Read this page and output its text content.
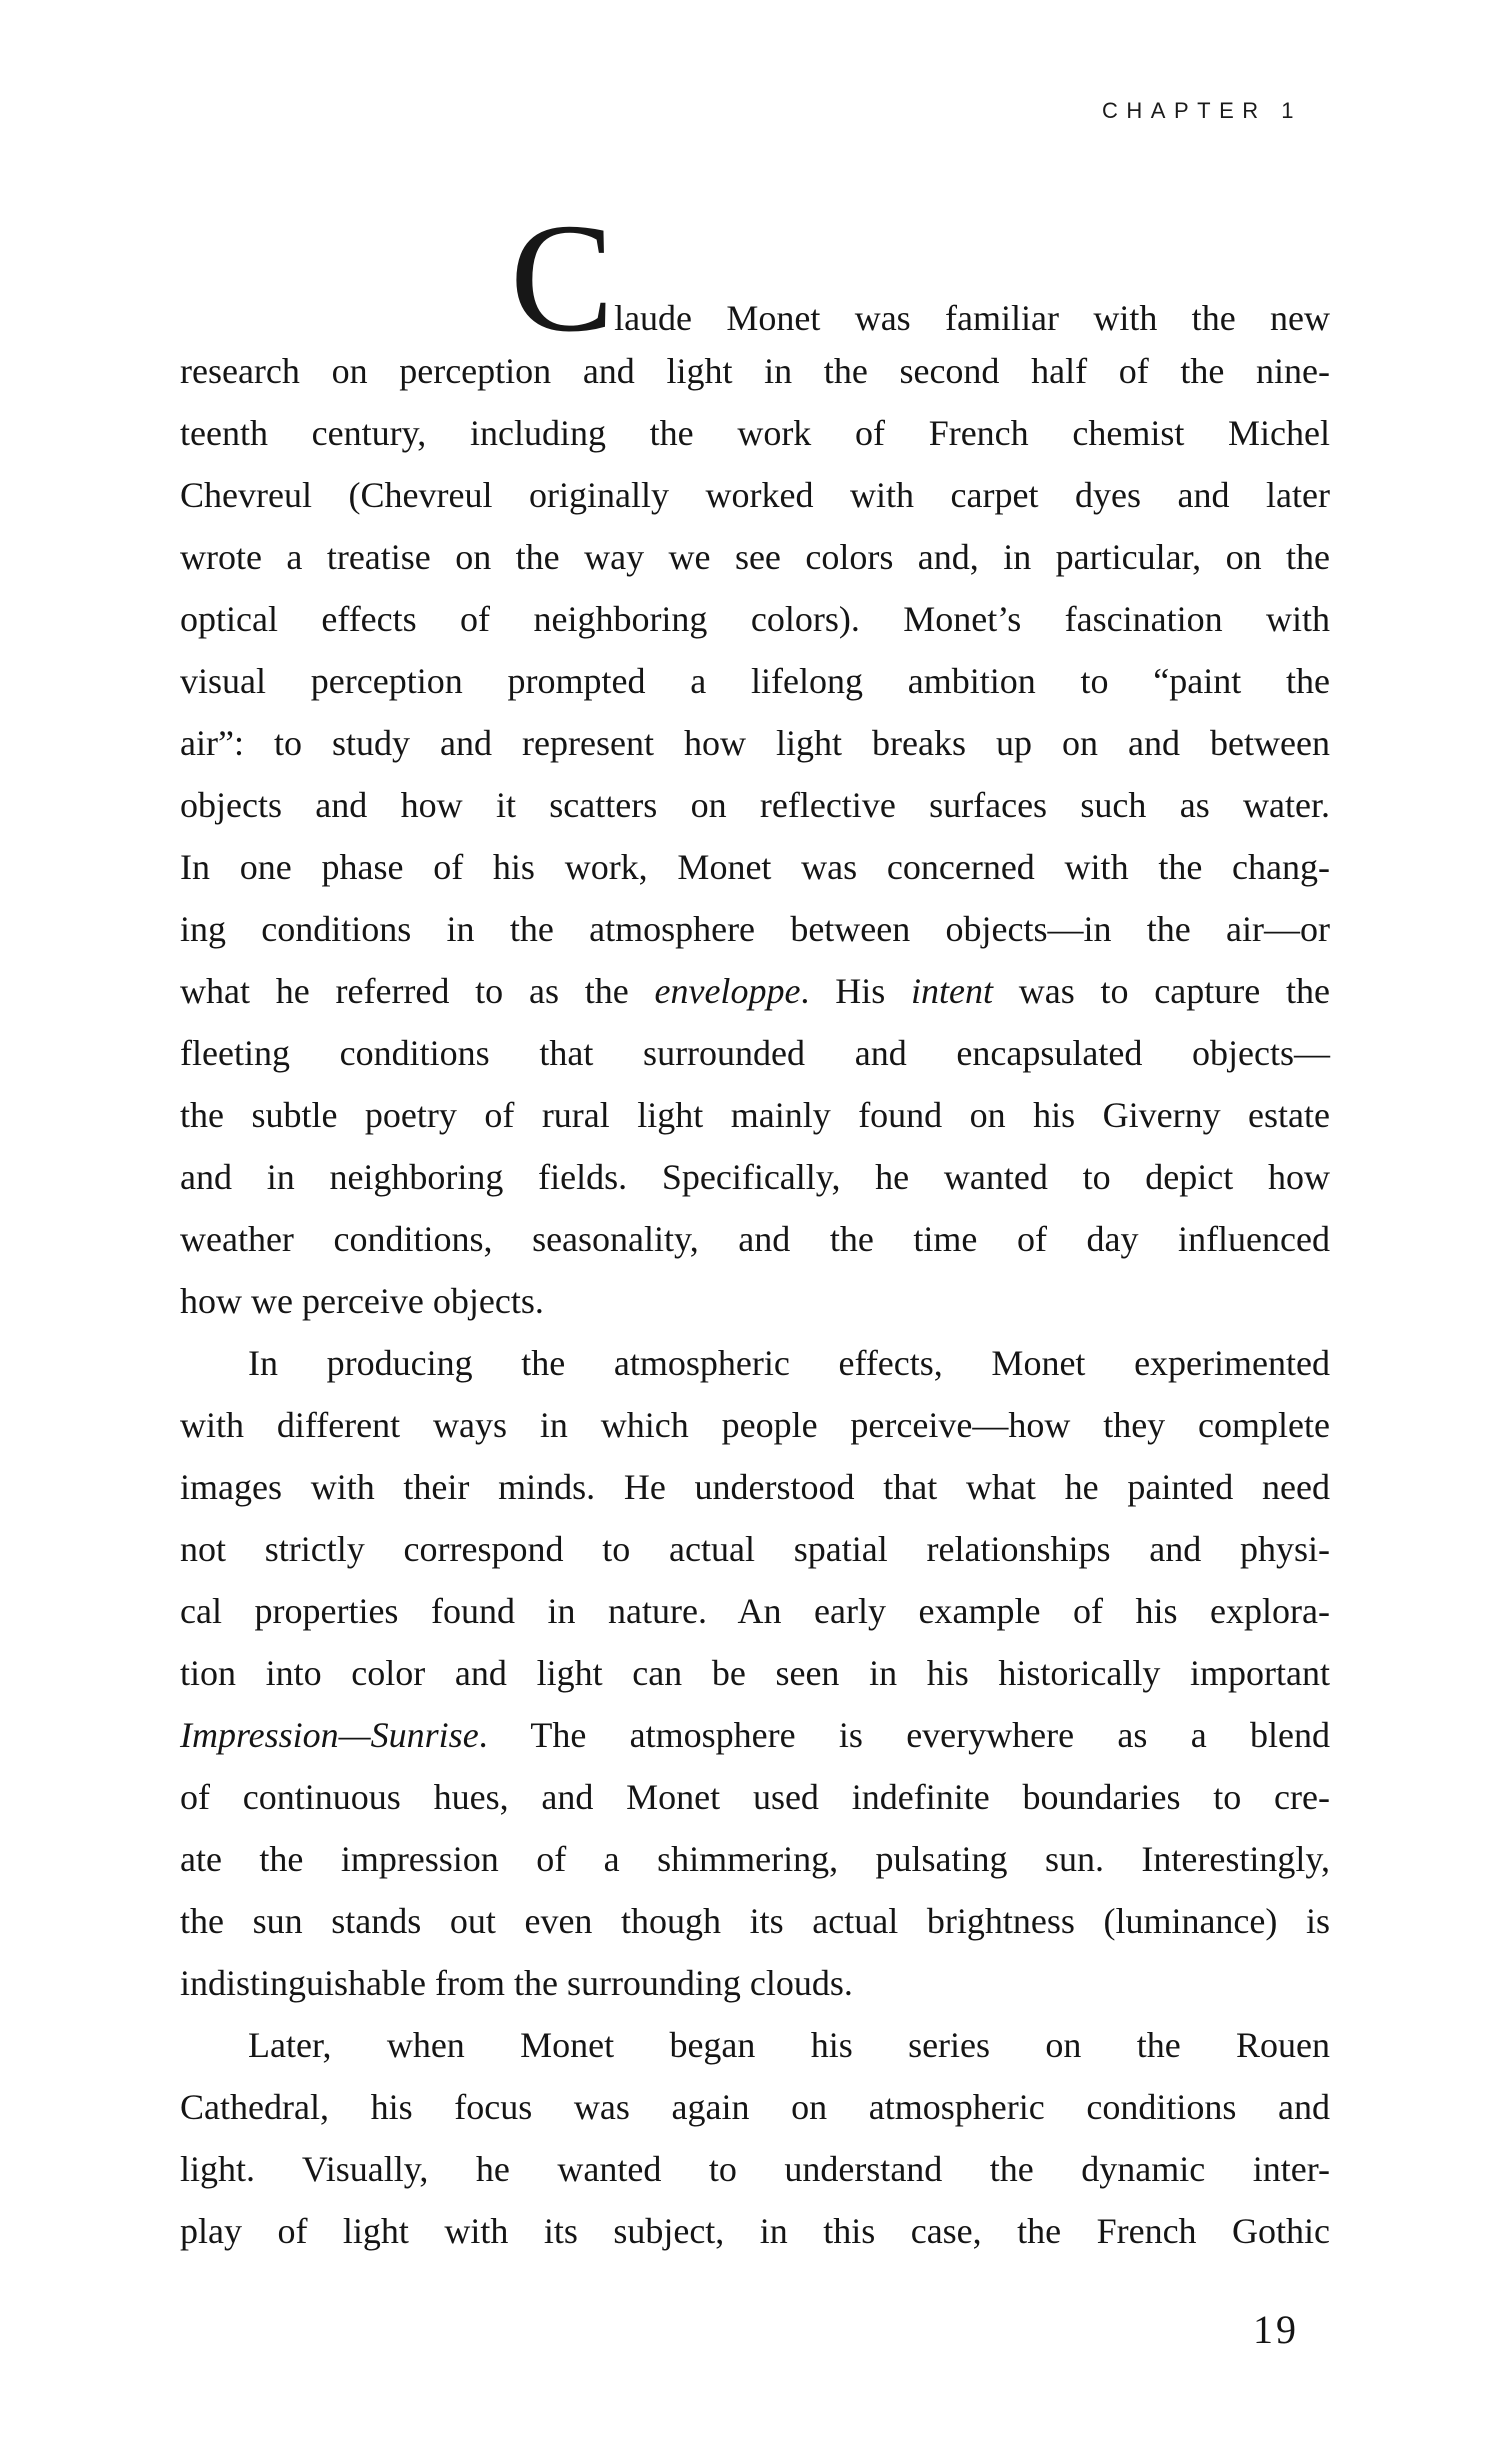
CHAPTER 1
Claude Monet was familiar with the new
research on perception and light in the second half of the nine-
teenth century, including the work of French chemist Michel
Chevreul (Chevreul originally worked with carpet dyes and later
wrote a treatise on the way we see colors and, in particular, on the
optical effects of neighboring colors). Monet’s fascination with
visual perception prompted a lifelong ambition to “paint the
air”: to study and represent how light breaks up on and between
objects and how it scatters on reflective surfaces such as water.
In one phase of his work, Monet was concerned with the chang-
ing conditions in the atmosphere between objects—in the air—or
what he referred to as the enveloppe. His intent was to capture the
fleeting conditions that surrounded and encapsulated objects—
the subtle poetry of rural light mainly found on his Giverny estate
and in neighboring fields. Specifically, he wanted to depict how
weather conditions, seasonality, and the time of day influenced
how we perceive objects.
In producing the atmospheric effects, Monet experimented
with different ways in which people perceive—how they complete
images with their minds. He understood that what he painted need
not strictly correspond to actual spatial relationships and physi-
cal properties found in nature. An early example of his explora-
tion into color and light can be seen in his historically important
Impression—Sunrise. The atmosphere is everywhere as a blend
of continuous hues, and Monet used indefinite boundaries to cre-
ate the impression of a shimmering, pulsating sun. Interestingly,
the sun stands out even though its actual brightness (luminance) is
indistinguishable from the surrounding clouds.
Later, when Monet began his series on the Rouen
Cathedral, his focus was again on atmospheric conditions and
light. Visually, he wanted to understand the dynamic inter-
play of light with its subject, in this case, the French Gothic
19
